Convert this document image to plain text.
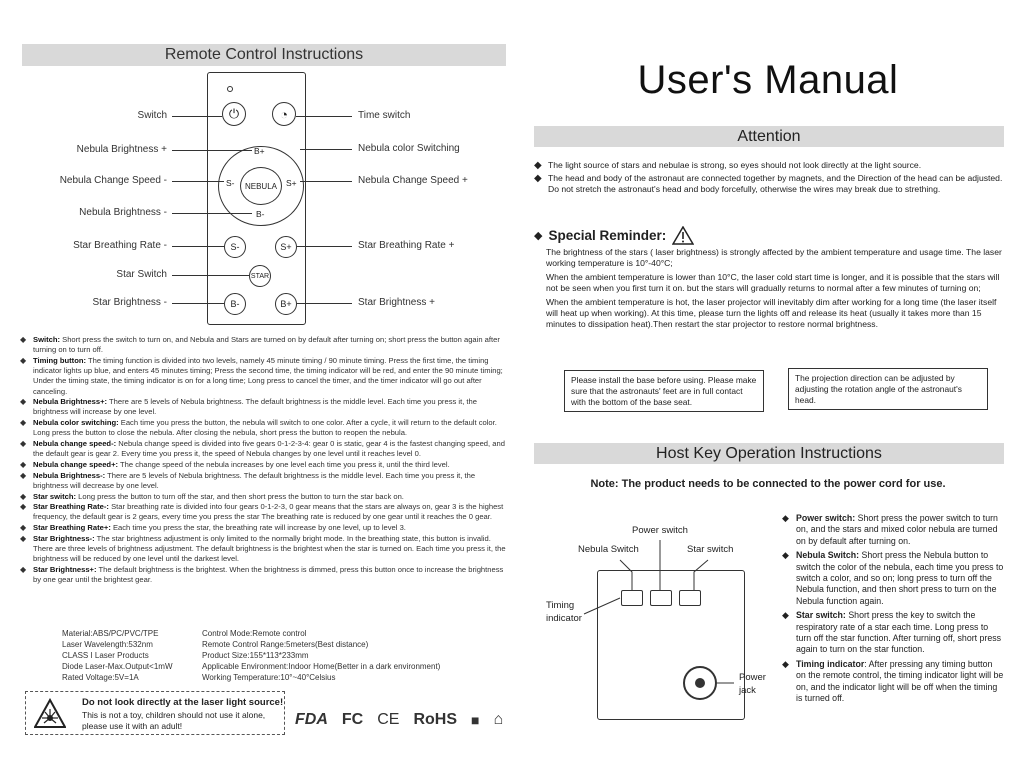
Remote Control Instructions
⏻	◔
NEBULA
B+
B-
S-	S+
S-	S+
STAR
B-	B+
Switch	Time switch
Nebula Brightness +	Nebula color Switching
Nebula Change Speed -	Nebula Change Speed +
Nebula Brightness -
Star Breathing Rate -	Star Breathing Rate +
Star Switch
Star Brightness -	Star Brightness +
◆ Switch: Short press the switch to turn on, and Nebula and Stars are turned on by default after turning on; short press the button again after turning on to turn off.
◆ Timing button: The timing function is divided into two levels, namely 45 minute timing / 90 minute timing. Press the first time, the timing indicator lights up blue, and enters 45 minutes timing; Press the second time, the timing indicator will be red, and enter the 90 minute timing; Under the timing state, the timing indicator is on for a long time; Long press to cancel the timer, and the timer indicator will go out after canceling.
◆ Nebula Brightness+: There are 5 levels of Nebula brightness. The default brightness is the middle level. Each time you press it, the brightness will increase by one level.
◆ Nebula color switching: Each time you press the button, the nebula will switch to one color. After a cycle, it will return to the default color. Long press the button to close the nebula. After closing the nebula, short press the button to reopen the nebula.
◆ Nebula change speed-: Nebula change speed is divided into five gears 0-1-2-3-4: gear 0 is static, gear 4 is the fastest changing speed, and the default gear is gear 2. Every time you press it, the speed of Nebula changes by one level until it reaches level 0.
◆ Nebula change speed+: The change speed of the nebula increases by one level each time you press it, until the third level.
◆ Nebula Brightness-: There are 5 levels of Nebula brightness. The default brightness is the middle level. Each time you press it, the brightness will decrease by one level.
◆ Star switch: Long press the button to turn off the star, and then short press the button to turn the star back on.
◆ Star Breathing Rate-: Star breathing rate is divided into four gears 0-1-2-3, 0 gear means that the stars are always on, gear 3 is the highest frequency, the default gear is 2 gears, every time you press the star The breathing rate is reduced by one gear until it reaches the 0 gear.
◆ Star Breathing Rate+: Each time you press the star, the breathing rate will increase by one level, up to level 3.
◆ Star Brightness-: The star brightness adjustment is only limited to the normally bright mode. In the breathing state, this button is invalid. There are three levels of brightness adjustment. The default brightness is the brightest when the star is turned on. Each time you press it, the brightness will be reduced by one level until the darkest level.
◆ Star Brightness+: The default brightness is the brightest. When the brightness is dimmed, press this button once to increase the brightness by one gear until the brightest gear.
Material:ABS/PC/PVC/TPE
Laser Wavelength:532nm
CLASS I Laser Products
Diode Laser-Max.Output<1mW
Rated Voltage:5V=1A
Control Mode:Remote control
Remote Control Range:5meters(Best distance)
Product Size:155*113*233mm
Applicable Environment:Indoor Home(Better in a dark environment)
Working Temperature:10°~40°Celsius
Do not look directly at the laser light source!
This is not a toy, children should not use it alone, please use it with an adult!	FDA FC CE RoHS ■ ⌂
User's Manual
Attention
◆ The light source of stars and nebulae is strong, so eyes should not look directly at the light source.
◆ The head and body of the astronaut are connected together by magnets, and the Direction of the head can be adjusted. Do not stretch the astronaut's head and body forcefully, otherwise the wires may break due to strething.
◆ Special Reminder:

The brightness of the stars ( laser brightness) is strongly affected by the ambient temperature and usage time. The laser working temperature is 10°-40°C;

When the ambient temperature is lower than 10°C, the laser cold start time is longer, and it is possible that the stars will not be seen when you first turn it on. but the stars will gradually returns to normal after a few minutes of turning on;

When the ambient temperature is hot, the laser projector will inevitably dim after working for a long time (the laser itself will heat up when working). At this time, please turn the lights off and release its heat (usually it takes more than 15 minutes to dissipation heat).Then restart the star projector to restore normal brightness.

Please install the base before using. Please make sure that the astronauts' feet are in full contact with the bottom of the base seat.
The projection direction can be adjusted by adjusting the rotation angle of the astronaut's head.
Host Key Operation Instructions
Note: The product needs to be connected to the power cord for use.
Power switch
Nebula Switch	Star switch
Timing indicator
Power jack
◆ Power switch: Short press the power switch to turn on, and the stars and mixed color nebula are turned on by default after turning on.
◆ Nebula Switch: Short press the Nebula button to switch the color of the nebula, each time you press to switch a color, and so on; long press to turn off the Nebula function, and then short press to turn on the Nebula function again.
◆ Star switch: Short press the key to switch the respiratory rate of a star each time. Long press to turn off the star function. After turning off, short press again to turn on the star function.
◆ Timing indicator: After pressing any timing button on the remote control, the timing indicator light will be on, and the indicator light will be off when the timing is turned off.
